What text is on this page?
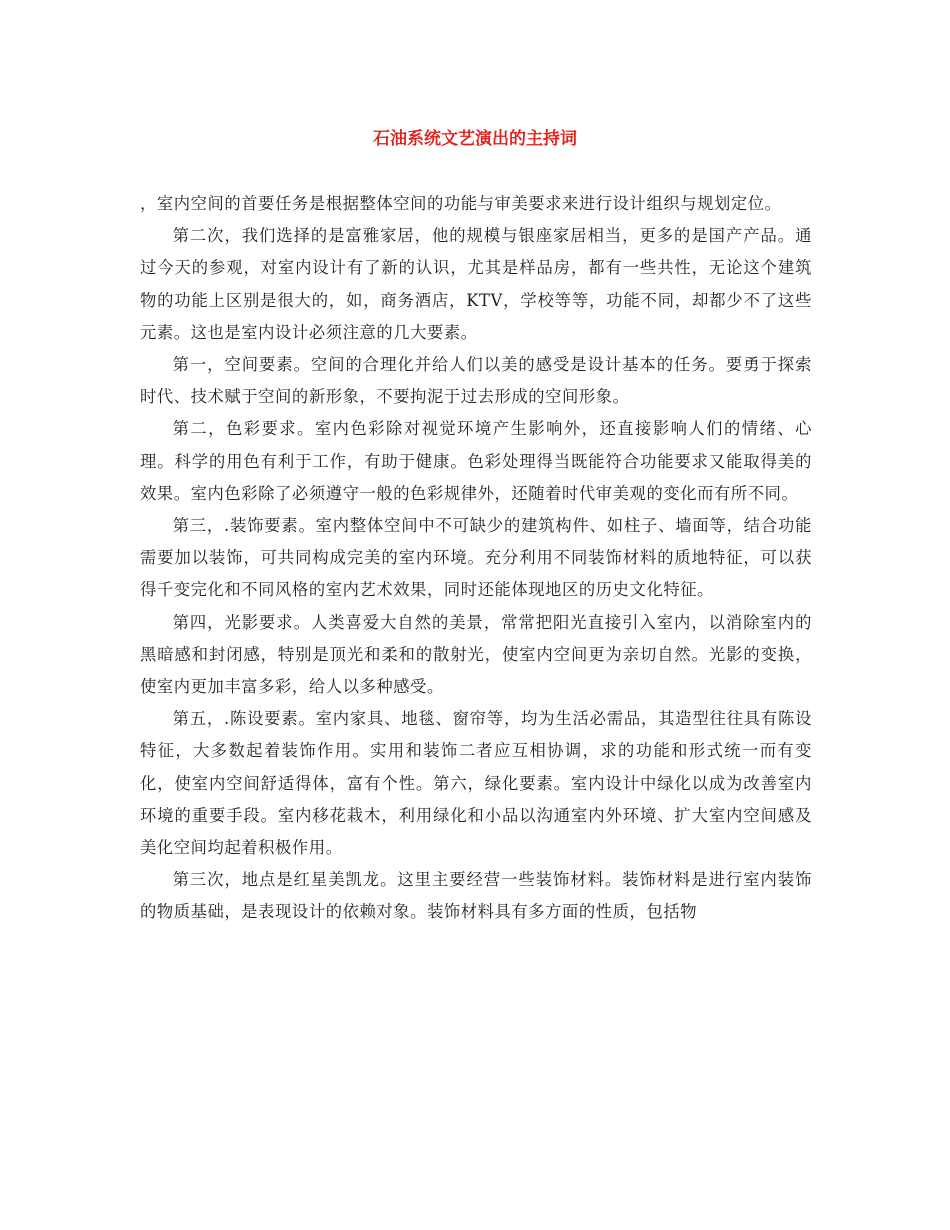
石油系统文艺演出的主持词

，室内空间的首要任务是根据整体空间的功能与审美要求来进行设计组织与规划定位。

第二次，我们选择的是富雅家居，他的规模与银座家居相当，更多的是国产产品。通过今天的参观，对室内设计有了新的认识，尤其是样品房，都有一些共性，无论这个建筑物的功能上区别是很大的，如，商务酒店，KTV，学校等等，功能不同，却都少不了这些元素。这也是室内设计必须注意的几大要素。

第一，空间要素。空间的合理化并给人们以美的感受是设计基本的任务。要勇于探索时代、技术赋于空间的新形象，不要拘泥于过去形成的空间形象。

第二，色彩要求。室内色彩除对视觉环境产生影响外，还直接影响人们的情绪、心理。科学的用色有利于工作，有助于健康。色彩处理得当既能符合功能要求又能取得美的效果。室内色彩除了必须遵守一般的色彩规律外，还随着时代审美观的变化而有所不同。

第三，.装饰要素。室内整体空间中不可缺少的建筑构件、如柱子、墙面等，结合功能需要加以装饰，可共同构成完美的室内环境。充分利用不同装饰材料的质地特征，可以获得千变完化和不同风格的室内艺术效果，同时还能体现地区的历史文化特征。

第四，光影要求。人类喜爱大自然的美景，常常把阳光直接引入室内，以消除室内的黑暗感和封闭感，特别是顶光和柔和的散射光，使室内空间更为亲切自然。光影的变换，使室内更加丰富多彩，给人以多种感受。

第五，.陈设要素。室内家具、地毯、窗帘等，均为生活必需品，其造型往往具有陈设特征，大多数起着装饰作用。实用和装饰二者应互相协调，求的功能和形式统一而有变化，使室内空间舒适得体，富有个性。第六，绿化要素。室内设计中绿化以成为改善室内环境的重要手段。室内移花栽木，利用绿化和小品以沟通室内外环境、扩大室内空间感及美化空间均起着积极作用。

第三次，地点是红星美凯龙。这里主要经营一些装饰材料。装饰材料是进行室内装饰的物质基础，是表现设计的依赖对象。装饰材料具有多方面的性质，包括物
